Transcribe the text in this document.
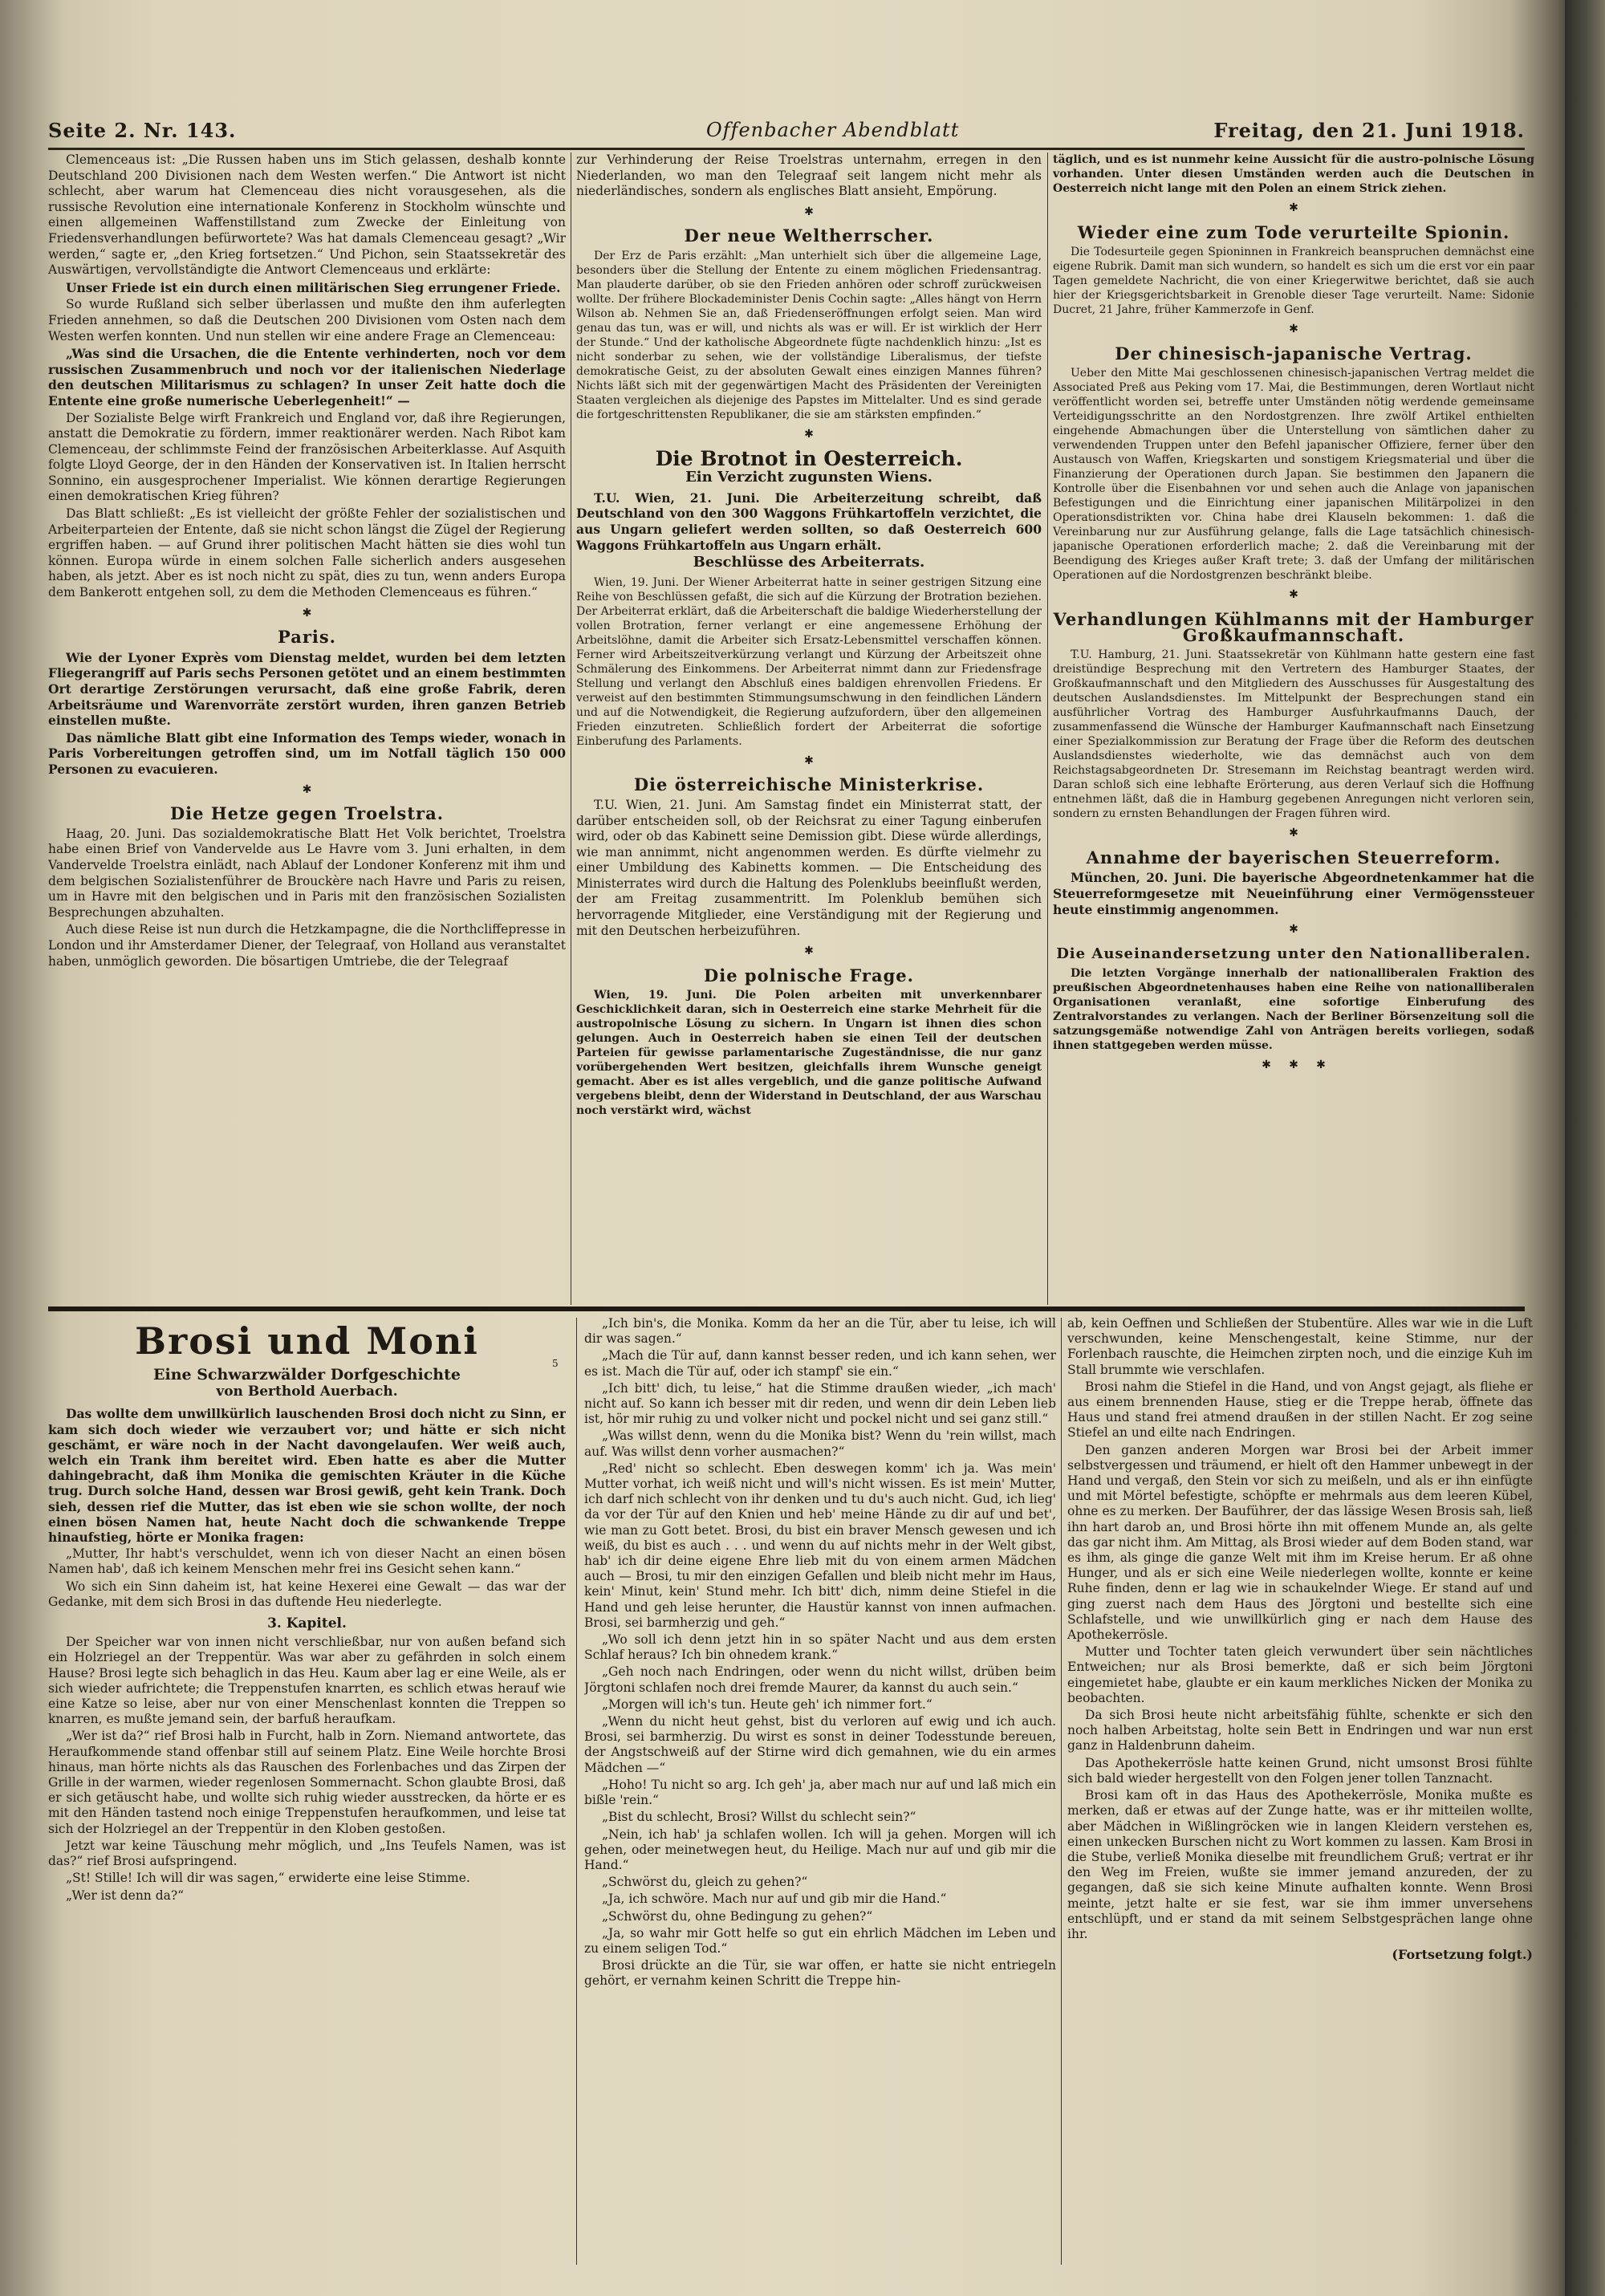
Seite 2. Nr. 143.	Offenbacher Abendblatt	Freitag, den 21. Juni 1918.

Clemenceaus ist: „Die Russen haben uns im Stich gelassen, deshalb konnte Deutschland 200 Divisionen nach dem Westen werfen.“ Die Antwort ist nicht schlecht, aber warum hat Clemenceau dies nicht vorausgesehen, als die russische Revolution eine internationale Konferenz in Stockholm wünschte und einen allgemeinen Waffenstillstand zum Zwecke der Einleitung von Friedensverhandlungen befürwortete? Was hat damals Clemenceau gesagt? „Wir werden,“ sagte er, „den Krieg fortsetzen.“ Und Pichon, sein Staatssekretär des Auswärtigen, vervollständigte die Antwort Clemenceaus und erklärte:

Unser Friede ist ein durch einen militärischen Sieg errungener Friede.

So wurde Rußland sich selber überlassen und mußte den ihm auferlegten Frieden annehmen, so daß die Deutschen 200 Divisionen vom Osten nach dem Westen werfen konnten. Und nun stellen wir eine andere Frage an Clemenceau:

„Was sind die Ursachen, die die Entente verhinderten, noch vor dem russischen Zusammenbruch und noch vor der italienischen Niederlage den deutschen Militarismus zu schlagen? In unser Zeit hatte doch die Entente eine große numerische Ueberlegenheit!“ —

Der Sozialiste Belge wirft Frankreich und England vor, daß ihre Regierungen, anstatt die Demokratie zu fördern, immer reaktionärer werden. Nach Ribot kam Clemenceau, der schlimmste Feind der französischen Arbeiterklasse. Auf Asquith folgte Lloyd George, der in den Händen der Konservativen ist. In Italien herrscht Sonnino, ein ausgesprochener Imperialist. Wie können derartige Regierungen einen demokratischen Krieg führen?

Das Blatt schließt: „Es ist vielleicht der größte Fehler der sozialistischen und Arbeiterparteien der Entente, daß sie nicht schon längst die Zügel der Regierung ergriffen haben. — auf Grund ihrer politischen Macht hätten sie dies wohl tun können. Europa würde in einem solchen Falle sicherlich anders ausgesehen haben, als jetzt. Aber es ist noch nicht zu spät, dies zu tun, wenn anders Europa dem Bankerott entgehen soll, zu dem die Methoden Clemenceaus es führen.“

✱
Paris.

Wie der Lyoner Exprès vom Dienstag meldet, wurden bei dem letzten Fliegerangriff auf Paris sechs Personen getötet und an einem bestimmten Ort derartige Zerstörungen verursacht, daß eine große Fabrik, deren Arbeitsräume und Warenvorräte zerstört wurden, ihren ganzen Betrieb einstellen mußte.

Das nämliche Blatt gibt eine Information des Temps wieder, wonach in Paris Vorbereitungen getroffen sind, um im Notfall täglich 150 000 Personen zu evacuieren.

✱
Die Hetze gegen Troelstra.

Haag, 20. Juni. Das sozialdemokratische Blatt Het Volk berichtet, Troelstra habe einen Brief von Vandervelde aus Le Havre vom 3. Juni erhalten, in dem Vandervelde Troelstra einlädt, nach Ablauf der Londoner Konferenz mit ihm und dem belgischen Sozialistenführer de Brouckère nach Havre und Paris zu reisen, um in Havre mit den belgischen und in Paris mit den französischen Sozialisten Besprechungen abzuhalten.

Auch diese Reise ist nun durch die Hetzkampagne, die die Northcliffepresse in London und ihr Amsterdamer Diener, der Telegraaf, von Holland aus veranstaltet haben, unmöglich geworden. Die bösartigen Umtriebe, die der Telegraaf

zur Verhinderung der Reise Troelstras unternahm, erregen in den Niederlanden, wo man den Telegraaf seit langem nicht mehr als niederländisches, sondern als englisches Blatt ansieht, Empörung.

✱
Der neue Weltherrscher.

Der Erz de Paris erzählt: „Man unterhielt sich über die allgemeine Lage, besonders über die Stellung der Entente zu einem möglichen Friedensantrag. Man plauderte darüber, ob sie den Frieden anhören oder schroff zurückweisen wollte. Der frühere Blockademinister Denis Cochin sagte: „Alles hängt von Herrn Wilson ab. Nehmen Sie an, daß Friedenseröffnungen erfolgt seien. Man wird genau das tun, was er will, und nichts als was er will. Er ist wirklich der Herr der Stunde.“ Und der katholische Abgeordnete fügte nachdenklich hinzu: „Ist es nicht sonderbar zu sehen, wie der vollständige Liberalismus, der tiefste demokratische Geist, zu der absoluten Gewalt eines einzigen Mannes führen? Nichts läßt sich mit der gegenwärtigen Macht des Präsidenten der Vereinigten Staaten vergleichen als diejenige des Papstes im Mittelalter. Und es sind gerade die fortgeschrittensten Republikaner, die sie am stärksten empfinden.“

✱
Die Brotnot in Oesterreich.
Ein Verzicht zugunsten Wiens.

T.U. Wien, 21. Juni. Die Arbeiterzeitung schreibt, daß Deutschland von den 300 Waggons Frühkartoffeln verzichtet, die aus Ungarn geliefert werden sollten, so daß Oesterreich 600 Waggons Frühkartoffeln aus Ungarn erhält.

Beschlüsse des Arbeiterrats.

Wien, 19. Juni. Der Wiener Arbeiterrat hatte in seiner gestrigen Sitzung eine Reihe von Beschlüssen gefaßt, die sich auf die Kürzung der Brotration beziehen. Der Arbeiterrat erklärt, daß die Arbeiterschaft die baldige Wiederherstellung der vollen Brotration, ferner verlangt er eine angemessene Erhöhung der Arbeitslöhne, damit die Arbeiter sich Ersatz-Lebensmittel verschaffen können. Ferner wird Arbeitszeitverkürzung verlangt und Kürzung der Arbeitszeit ohne Schmälerung des Einkommens. Der Arbeiterrat nimmt dann zur Friedensfrage Stellung und verlangt den Abschluß eines baldigen ehrenvollen Friedens. Er verweist auf den bestimmten Stimmungsumschwung in den feindlichen Ländern und auf die Notwendigkeit, die Regierung aufzufordern, über den allgemeinen Frieden einzutreten. Schließlich fordert der Arbeiterrat die sofortige Einberufung des Parlaments.

✱
Die österreichische Ministerkrise.

T.U. Wien, 21. Juni. Am Samstag findet ein Ministerrat statt, der darüber entscheiden soll, ob der Reichsrat zu einer Tagung einberufen wird, oder ob das Kabinett seine Demission gibt. Diese würde allerdings, wie man annimmt, nicht angenommen werden. Es dürfte vielmehr zu einer Umbildung des Kabinetts kommen. — Die Entscheidung des Ministerrates wird durch die Haltung des Polenklubs beeinflußt werden, der am Freitag zusammentritt. Im Polenklub bemühen sich hervorragende Mitglieder, eine Verständigung mit der Regierung und mit den Deutschen herbeizuführen.

✱
Die polnische Frage.

Wien, 19. Juni. Die Polen arbeiten mit unverkennbarer Geschicklichkeit daran, sich in Oesterreich eine starke Mehrheit für die austropolnische Lösung zu sichern. In Ungarn ist ihnen dies schon gelungen. Auch in Oesterreich haben sie einen Teil der deutschen Parteien für gewisse parlamentarische Zugeständnisse, die nur ganz vorübergehenden Wert besitzen, gleichfalls ihrem Wunsche geneigt gemacht. Aber es ist alles vergeblich, und die ganze politische Aufwand vergebens bleibt, denn der Widerstand in Deutschland, der aus Warschau noch verstärkt wird, wächst

täglich, und es ist nunmehr keine Aussicht für die austro-polnische Lösung vorhanden. Unter diesen Umständen werden auch die Deutschen in Oesterreich nicht lange mit den Polen an einem Strick ziehen.

✱
Wieder eine zum Tode verurteilte Spionin.

Die Todesurteile gegen Spioninnen in Frankreich beanspruchen demnächst eine eigene Rubrik. Damit man sich wundern, so handelt es sich um die erst vor ein paar Tagen gemeldete Nachricht, die von einer Kriegerwitwe berichtet, daß sie auch hier der Kriegsgerichtsbarkeit in Grenoble dieser Tage verurteilt. Name: Sidonie Ducret, 21 Jahre, früher Kammerzofe in Genf.

✱
Der chinesisch-japanische Vertrag.

Ueber den Mitte Mai geschlossenen chinesisch-japanischen Vertrag meldet die Associated Preß aus Peking vom 17. Mai, die Bestimmungen, deren Wortlaut nicht veröffentlicht worden sei, betreffe unter Umständen nötig werdende gemeinsame Verteidigungsschritte an den Nordostgrenzen. Ihre zwölf Artikel enthielten eingehende Abmachungen über die Unterstellung von sämtlichen daher zu verwendenden Truppen unter den Befehl japanischer Offiziere, ferner über den Austausch von Waffen, Kriegskarten und sonstigem Kriegsmaterial und über die Finanzierung der Operationen durch Japan. Sie bestimmen den Japanern die Kontrolle über die Eisenbahnen vor und sehen auch die Anlage von japanischen Befestigungen und die Einrichtung einer japanischen Militärpolizei in den Operationsdistrikten vor. China habe drei Klauseln bekommen: 1. daß die Vereinbarung nur zur Ausführung gelange, falls die Lage tatsächlich chinesisch-japanische Operationen erforderlich mache; 2. daß die Vereinbarung mit der Beendigung des Krieges außer Kraft trete; 3. daß der Umfang der militärischen Operationen auf die Nordostgrenzen beschränkt bleibe.

✱
Verhandlungen Kühlmanns mit der Hamburger Großkaufmannschaft.

T.U. Hamburg, 21. Juni. Staatssekretär von Kühlmann hatte gestern eine fast dreistündige Besprechung mit den Vertretern des Hamburger Staates, der Großkaufmannschaft und den Mitgliedern des Ausschusses für Ausgestaltung des deutschen Auslandsdienstes. Im Mittelpunkt der Besprechungen stand ein ausführlicher Vortrag des Hamburger Ausfuhrkaufmanns Dauch, der zusammenfassend die Wünsche der Hamburger Kaufmannschaft nach Einsetzung einer Spezialkommission zur Beratung der Frage über die Reform des deutschen Auslandsdienstes wiederholte, wie das demnächst auch von dem Reichstagsabgeordneten Dr. Stresemann im Reichstag beantragt werden wird. Daran schloß sich eine lebhafte Erörterung, aus deren Verlauf sich die Hoffnung entnehmen läßt, daß die in Hamburg gegebenen Anregungen nicht verloren sein, sondern zu ernsten Behandlungen der Fragen führen wird.

✱
Annahme der bayerischen Steuerreform.

München, 20. Juni. Die bayerische Abgeordnetenkammer hat die Steuerreformgesetze mit Neueinführung einer Vermögenssteuer heute einstimmig angenommen.

✱
Die Auseinandersetzung unter den Nationalliberalen.

Die letzten Vorgänge innerhalb der nationalliberalen Fraktion des preußischen Abgeordnetenhauses haben eine Reihe von nationalliberalen Organisationen veranlaßt, eine sofortige Einberufung des Zentralvorstandes zu verlangen. Nach der Berliner Börsenzeitung soll die satzungsgemäße notwendige Zahl von Anträgen bereits vorliegen, sodaß ihnen stattgegeben werden müsse.

✱     ✱     ✱
5
Brosi und Moni
Eine Schwarzwälder Dorfgeschichte
von Berthold Auerbach.

Das wollte dem unwillkürlich lauschenden Brosi doch nicht zu Sinn, er kam sich doch wieder wie verzaubert vor; und hätte er sich nicht geschämt, er wäre noch in der Nacht davongelaufen. Wer weiß auch, welch ein Trank ihm bereitet wird. Eben hatte es aber die Mutter dahingebracht, daß ihm Monika die gemischten Kräuter in die Küche trug. Durch solche Hand, dessen war Brosi gewiß, geht kein Trank. Doch sieh, dessen rief die Mutter, das ist eben wie sie schon wollte, der noch einen bösen Namen hat, heute Nacht doch die schwankende Treppe hinaufstieg, hörte er Monika fragen:

„Mutter, Ihr habt's verschuldet, wenn ich von dieser Nacht an einen bösen Namen hab', daß ich keinem Menschen mehr frei ins Gesicht sehen kann.“

Wo sich ein Sinn daheim ist, hat keine Hexerei eine Gewalt — das war der Gedanke, mit dem sich Brosi in das duftende Heu niederlegte.

3. Kapitel.

Der Speicher war von innen nicht verschließbar, nur von außen befand sich ein Holzriegel an der Treppentür. Was war aber zu gefährden in solch einem Hause? Brosi legte sich behaglich in das Heu. Kaum aber lag er eine Weile, als er sich wieder aufrichtete; die Treppenstufen knarrten, es schlich etwas herauf wie eine Katze so leise, aber nur von einer Menschenlast konnten die Treppen so knarren, es mußte jemand sein, der barfuß heraufkam.

„Wer ist da?“ rief Brosi halb in Furcht, halb in Zorn. Niemand antwortete, das Heraufkommende stand offenbar still auf seinem Platz. Eine Weile horchte Brosi hinaus, man hörte nichts als das Rauschen des Forlenbaches und das Zirpen der Grille in der warmen, wieder regenlosen Sommernacht. Schon glaubte Brosi, daß er sich getäuscht habe, und wollte sich ruhig wieder ausstrecken, da hörte er es mit den Händen tastend noch einige Treppenstufen heraufkommen, und leise tat sich der Holzriegel an der Treppentür in den Kloben gestoßen.

Jetzt war keine Täuschung mehr möglich, und „Ins Teufels Namen, was ist das?“ rief Brosi aufspringend.

„St! Stille! Ich will dir was sagen,“ erwiderte eine leise Stimme.

„Wer ist denn da?“

„Ich bin's, die Monika. Komm da her an die Tür, aber tu leise, ich will dir was sagen.“

„Mach die Tür auf, dann kannst besser reden, und ich kann sehen, wer es ist. Mach die Tür auf, oder ich stampf' sie ein.“

„Ich bitt' dich, tu leise,“ hat die Stimme draußen wieder, „ich mach' nicht auf. So kann ich besser mit dir reden, und wenn dir dein Leben lieb ist, hör mir ruhig zu und volker nicht und pockel nicht und sei ganz still.“

„Was willst denn, wenn du die Monika bist? Wenn du 'rein willst, mach auf. Was willst denn vorher ausmachen?“

„Red' nicht so schlecht. Eben deswegen komm' ich ja. Was mein' Mutter vorhat, ich weiß nicht und will's nicht wissen. Es ist mein' Mutter, ich darf nich schlecht von ihr denken und tu du's auch nicht. Gud, ich lieg' da vor der Tür auf den Knien und heb' meine Hände zu dir auf und bet', wie man zu Gott betet. Brosi, du bist ein braver Mensch gewesen und ich weiß, du bist es auch . . . und wenn du auf nichts mehr in der Welt gibst, hab' ich dir deine eigene Ehre lieb mit du von einem armen Mädchen auch — Brosi, tu mir den einzigen Gefallen und bleib nicht mehr im Haus, kein' Minut, kein' Stund mehr. Ich bitt' dich, nimm deine Stiefel in die Hand und geh leise herunter, die Haustür kannst von innen aufmachen. Brosi, sei barmherzig und geh.“

„Wo soll ich denn jetzt hin in so später Nacht und aus dem ersten Schlaf heraus? Ich bin ohnedem krank.“

„Geh noch nach Endringen, oder wenn du nicht willst, drüben beim Jörgtoni schlafen noch drei fremde Maurer, da kannst du auch sein.“

„Morgen will ich's tun. Heute geh' ich nimmer fort.“

„Wenn du nicht heut gehst, bist du verloren auf ewig und ich auch. Brosi, sei barmherzig. Du wirst es sonst in deiner Todesstunde bereuen, der Angstschweiß auf der Stirne wird dich gemahnen, wie du ein armes Mädchen —“

„Hoho! Tu nicht so arg. Ich geh' ja, aber mach nur auf und laß mich ein bißle 'rein.“

„Bist du schlecht, Brosi? Willst du schlecht sein?“

„Nein, ich hab' ja schlafen wollen. Ich will ja gehen. Morgen will ich gehen, oder meinetwegen heut, du Heilige. Mach nur auf und gib mir die Hand.“

„Schwörst du, gleich zu gehen?“

„Ja, ich schwöre. Mach nur auf und gib mir die Hand.“

„Schwörst du, ohne Bedingung zu gehen?“

„Ja, so wahr mir Gott helfe so gut ein ehrlich Mädchen im Leben und zu einem seligen Tod.“

Brosi drückte an die Tür, sie war offen, er hatte sie nicht entriegeln gehört, er vernahm keinen Schritt die Treppe hin-

ab, kein Oeffnen und Schließen der Stubentüre. Alles war wie in die Luft verschwunden, keine Menschengestalt, keine Stimme, nur der Forlenbach rauschte, die Heimchen zirpten noch, und die einzige Kuh im Stall brummte wie verschlafen.

Brosi nahm die Stiefel in die Hand, und von Angst gejagt, als fliehe er aus einem brennenden Hause, stieg er die Treppe herab, öffnete das Haus und stand frei atmend draußen in der stillen Nacht. Er zog seine Stiefel an und eilte nach Endringen.

Den ganzen anderen Morgen war Brosi bei der Arbeit immer selbstvergessen und träumend, er hielt oft den Hammer unbewegt in der Hand und vergaß, den Stein vor sich zu meißeln, und als er ihn einfügte und mit Mörtel befestigte, schöpfte er mehrmals aus dem leeren Kübel, ohne es zu merken. Der Bauführer, der das lässige Wesen Brosis sah, ließ ihn hart darob an, und Brosi hörte ihn mit offenem Munde an, als gelte das gar nicht ihm. Am Mittag, als Brosi wieder auf dem Boden stand, war es ihm, als ginge die ganze Welt mit ihm im Kreise herum. Er aß ohne Hunger, und als er sich eine Weile niederlegen wollte, konnte er keine Ruhe finden, denn er lag wie in schaukelnder Wiege. Er stand auf und ging zuerst nach dem Haus des Jörgtoni und bestellte sich eine Schlafstelle, und wie unwillkürlich ging er nach dem Hause des Apothekerrösle.

Mutter und Tochter taten gleich verwundert über sein nächtliches Entweichen; nur als Brosi bemerkte, daß er sich beim Jörgtoni eingemietet habe, glaubte er ein kaum merkliches Nicken der Monika zu beobachten.

Da sich Brosi heute nicht arbeitsfähig fühlte, schenkte er sich den noch halben Arbeitstag, holte sein Bett in Endringen und war nun erst ganz in Haldenbrunn daheim.

Das Apothekerrösle hatte keinen Grund, nicht umsonst Brosi fühlte sich bald wieder hergestellt von den Folgen jener tollen Tanznacht.

Brosi kam oft in das Haus des Apothekerrösle, Monika mußte es merken, daß er etwas auf der Zunge hatte, was er ihr mitteilen wollte, aber Mädchen in Wißlingröcken wie in langen Kleidern verstehen es, einen unkecken Burschen nicht zu Wort kommen zu lassen. Kam Brosi in die Stube, verließ Monika dieselbe mit freundlichem Gruß; vertrat er ihr den Weg im Freien, wußte sie immer jemand anzureden, der zu gegangen, daß sie sich keine Minute aufhalten konnte. Wenn Brosi meinte, jetzt halte er sie fest, war sie ihm immer unversehens entschlüpft, und er stand da mit seinem Selbstgesprächen lange ohne ihr.

(Fortsetzung folgt.)
